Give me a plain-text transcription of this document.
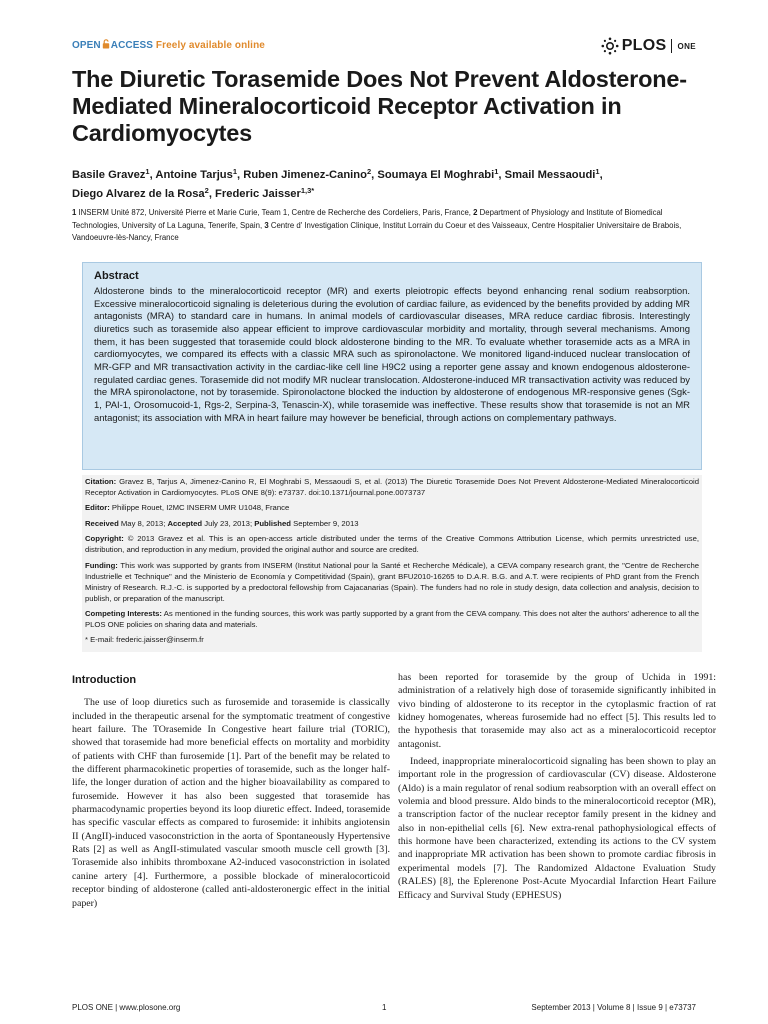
OPEN ACCESS Freely available online	PLOS ONE
The Diuretic Torasemide Does Not Prevent Aldosterone-Mediated Mineralocorticoid Receptor Activation in Cardiomyocytes
Basile Gravez$^1$, Antoine Tarjus$^1$, Ruben Jimenez-Canino$^2$, Soumaya El Moghrabi$^1$, Smail Messaoudi$^1$,
Diego Alvarez de la Rosa$^2$, Frederic Jaisser$^{1,3*}$
1 INSERM Unité 872, Université Pierre et Marie Curie, Team 1, Centre de Recherche des Cordeliers, Paris, France, 2 Department of Physiology and Institute of Biomedical Technologies, University of La Laguna, Tenerife, Spain, 3 Centre d' Investigation Clinique, Institut Lorrain du Coeur et des Vaisseaux, Centre Hospitalier Universitaire de Brabois, Vandoeuvre-lès-Nancy, France
Abstract
Aldosterone binds to the mineralocorticoid receptor (MR) and exerts pleiotropic effects beyond enhancing renal sodium reabsorption. Excessive mineralocorticoid signaling is deleterious during the evolution of cardiac failure, as evidenced by the benefits provided by adding MR antagonists (MRA) to standard care in humans. In animal models of cardiovascular diseases, MRA reduce cardiac fibrosis. Interestingly diuretics such as torasemide also appear efficient to improve cardiovascular morbidity and mortality, through several mechanisms. Among them, it has been suggested that torasemide could block aldosterone binding to the MR. To evaluate whether torasemide acts as a MRA in cardiomyocytes, we compared its effects with a classic MRA such as spironolactone. We monitored ligand-induced nuclear translocation of MR-GFP and MR transactivation activity in the cardiac-like cell line H9C2 using a reporter gene assay and known endogenous aldosterone-regulated cardiac genes. Torasemide did not modify MR nuclear translocation. Aldosterone-induced MR transactivation activity was reduced by the MRA spironolactone, not by torasemide. Spironolactone blocked the induction by aldosterone of endogenous MR-responsive genes (Sgk-1, PAI-1, Orosomucoid-1, Rgs-2, Serpina-3, Tenascin-X), while torasemide was ineffective. These results show that torasemide is not an MR antagonist; its association with MRA in heart failure may however be beneficial, through actions on complementary pathways.

Citation: Gravez B, Tarjus A, Jimenez-Canino R, El Moghrabi S, Messaoudi S, et al. (2013) The Diuretic Torasemide Does Not Prevent Aldosterone-Mediated Mineralocorticoid Receptor Activation in Cardiomyocytes. PLoS ONE 8(9): e73737. doi:10.1371/journal.pone.0073737

Editor: Philippe Rouet, I2MC INSERM UMR U1048, France

Received May 8, 2013; Accepted July 23, 2013; Published September 9, 2013

Copyright: © 2013 Gravez et al. This is an open-access article distributed under the terms of the Creative Commons Attribution License, which permits unrestricted use, distribution, and reproduction in any medium, provided the original author and source are credited.

Funding: This work was supported by grants from INSERM (Institut National pour la Santé et Recherche Médicale), a CEVA company research grant, the "Centre de Recherche Industrielle et Technique" and the Ministerio de Economía y Competitividad (Spain), grant BFU2010-16265 to D.A.R. B.G. and A.T. were recipients of PhD grant from the French Ministry of Research. R.J.-C. is supported by a predoctoral fellowship from Cajacanarias (Spain). The funders had no role in study design, data collection and analysis, decision to publish, or preparation of the manuscript.

Competing Interests: As mentioned in the funding sources, this work was partly supported by a grant from the CEVA company. This does not alter the authors' adherence to all the PLOS ONE policies on sharing data and materials.

* E-mail: frederic.jaisser@inserm.fr

Introduction

The use of loop diuretics such as furosemide and torasemide is classically included in the therapeutic arsenal for the symptomatic treatment of congestive heart failure. The TOrasemide In Congestive heart failure trial (TORIC), showed that torasemide had more beneficial effects on mortality and morbidity of patients with CHF than furosemide [1]. Part of the benefit may be related to the different pharmacokinetic properties of torasemide, such as the longer half-life, the longer duration of action and the higher bioavailability as compared to furosemide. However it has also been suggested that torasemide has pharmacodynamic properties beyond its loop diuretic effect. Indeed, torasemide has specific vascular effects as compared to furosemide: it inhibits angiotensin II (AngII)-induced vasoconstriction in the aorta of Spontaneously Hypertensive Rats [2] as well as AngII-stimulated vascular smooth muscle cell growth [3]. Torasemide also inhibits thromboxane A2-induced vasoconstriction in isolated canine artery [4]. Furthermore, a possible blockade of mineralocorticoid receptor binding of aldosterone (called anti-aldosteronergic effect in the initial paper)

has been reported for torasemide by the group of Uchida in 1991: administration of a relatively high dose of torasemide significantly inhibited in vivo binding of aldosterone to its receptor in the cytoplasmic fraction of rat kidney homogenates, whereas furosemide had no effect [5]. This results led to the hypothesis that torasemide may also act as a mineralocorticoid receptor antagonist.

Indeed, inappropriate mineralocorticoid signaling has been shown to play an important role in the progression of cardiovascular (CV) disease. Aldosterone (Aldo) is a main regulator of renal sodium reabsorption with an overall effect on volemia and blood pressure. Aldo binds to the mineralocorticoid receptor (MR), a transcription factor of the nuclear receptor family present in the kidney and also in non-epithelial cells [6]. New extra-renal pathophysiological effects of this hormone have been characterized, extending its actions to the CV system and inappropriate MR activation has been shown to promote cardiac fibrosis in experimental models [7]. The Randomized Aldactone Evaluation Study (RALES) [8], the Eplerenone Post-Acute Myocardial Infarction Heart Failure Efficacy and Survival Study (EPHESUS)

PLOS ONE | www.plosone.org	1	September 2013 | Volume 8 | Issue 9 | e73737
